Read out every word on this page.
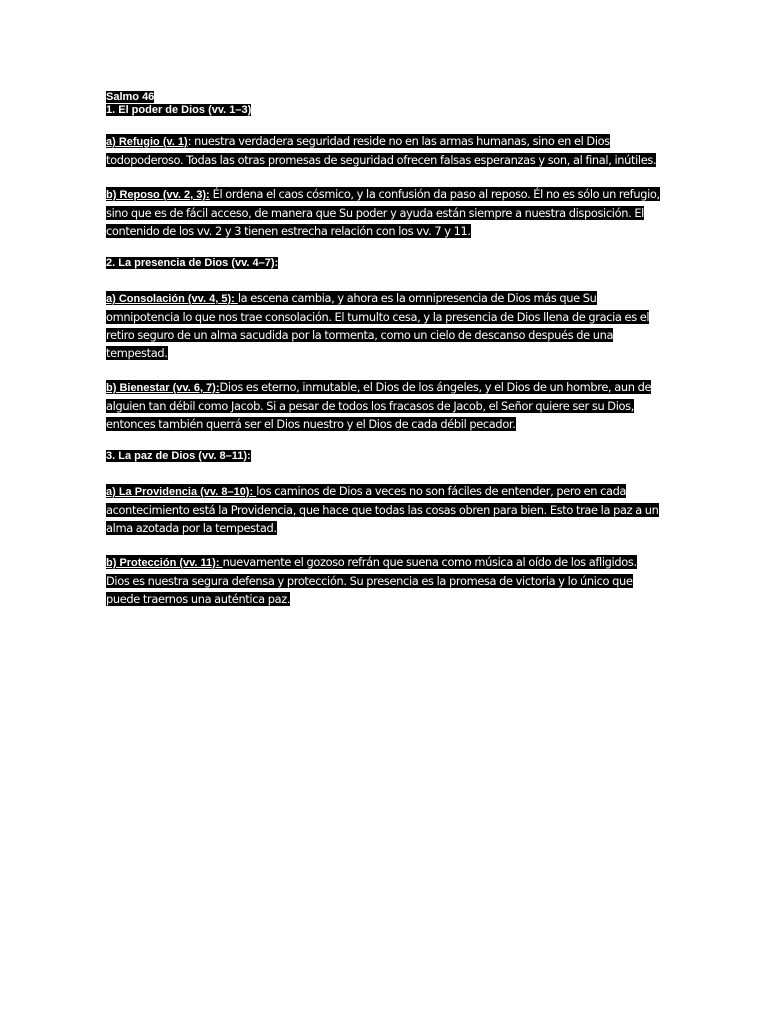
Salmo 46
1. El poder de Dios (vv. 1–3)

a) Refugio (v. 1): nuestra verdadera seguridad reside no en las armas humanas, sino en el Dios todopoderoso. Todas las otras promesas de seguridad ofrecen falsas esperanzas y son, al final, inútiles.

b) Reposo (vv. 2, 3): Él ordena el caos cósmico, y la confusión da paso al reposo. Él no es sólo un refugio, sino que es de fácil acceso, de manera que Su poder y ayuda están siempre a nuestra disposición. El contenido de los vv. 2 y 3 tienen estrecha relación con los vv. 7 y 11.

2. La presencia de Dios (vv. 4–7):

a) Consolación (vv. 4, 5): la escena cambia, y ahora es la omnipresencia de Dios más que Su omnipotencia lo que nos trae consolación. El tumulto cesa, y la presencia de Dios llena de gracia es el retiro seguro de un alma sacudida por la tormenta, como un cielo de descanso después de una tempestad.

b) Bienestar (vv. 6, 7):Dios es eterno, inmutable, el Dios de los ángeles, y el Dios de un hombre, aun de alguien tan débil como Jacob. Si a pesar de todos los fracasos de Jacob, el Señor quiere ser su Dios, entonces también querrá ser el Dios nuestro y el Dios de cada débil pecador.

3. La paz de Dios (vv. 8–11):

a) La Providencia (vv. 8–10): los caminos de Dios a veces no son fáciles de entender, pero en cada acontecimiento está la Providencia, que hace que todas las cosas obren para bien. Esto trae la paz a un alma azotada por la tempestad.

b) Protección (vv. 11): nuevamente el gozoso refrán que suena como música al oído de los afligidos. Dios es nuestra segura defensa y protección. Su presencia es la promesa de victoria y lo único que puede traernos una auténtica paz.
